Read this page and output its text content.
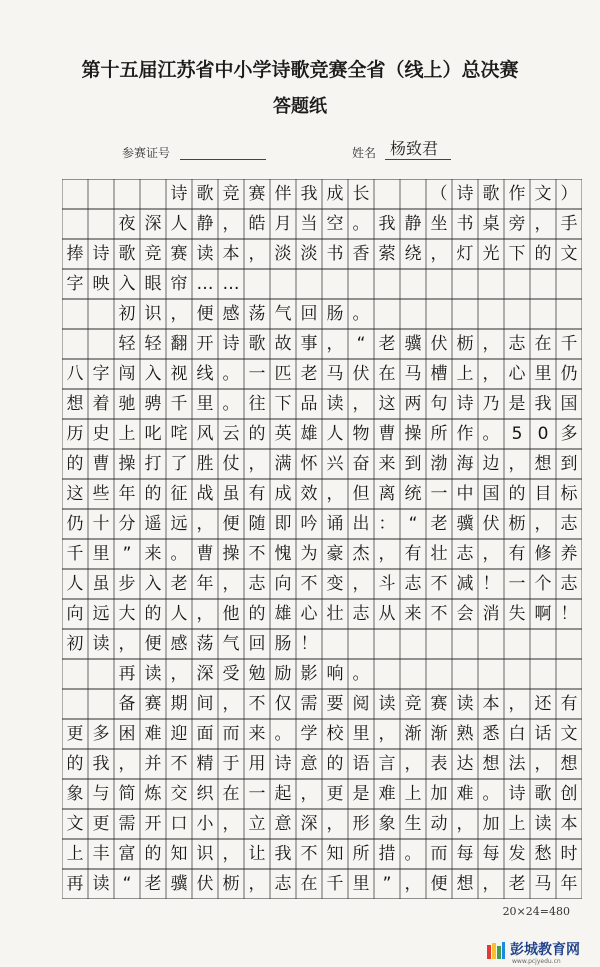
第十五届江苏省中小学诗歌竞赛全省（线上）总决赛
答题纸
参赛证号	姓名 杨致君
诗 歌 竞 赛 伴 我 成 长	（ 诗 歌 作 文 ）
夜 深 人 静 ， 皓 月 当 空 。 我 静 坐 书 桌 旁 ， 手
捧 诗 歌 竞 赛 读 本 ， 淡 淡 书 香 萦 绕 ， 灯 光 下 的 文
字 映 入 眼 帘 … …
初 识 ， 便 感 荡 气 回 肠 。
轻 轻 翻 开 诗 歌 故 事 ， “ 老 骥 伏 枥 ， 志 在 千
八 字 闯 入 视 线 。 一 匹 老 马 伏 在 马 槽 上 ， 心 里 仍
想 着 驰 骋 千 里 。 往 下 品 读 ， 这 两 句 诗 乃 是 我 国
历 史 上 叱 咤 风 云 的 英 雄 人 物 曹 操 所 作 。 5 0 多
的 曹 操 打 了 胜 仗 ， 满 怀 兴 奋 来 到 渤 海 边 ， 想 到
这 些 年 的 征 战 虽 有 成 效 ， 但 离 统 一 中 国 的 目 标
仍 十 分 遥 远 ， 便 随 即 吟 诵 出 ： “ 老 骥 伏 枥 ， 志
千 里 ” 来 。 曹 操 不 愧 为 豪 杰 ， 有 壮 志 ， 有 修 养
人 虽 步 入 老 年 ， 志 向 不 变 ， 斗 志 不 减 ！ 一 个 志
向 远 大 的 人 ， 他 的 雄 心 壮 志 从 来 不 会 消 失 啊 ！
初 读 ， 便 感 荡 气 回 肠 ！
再 读 ， 深 受 勉 励 影 响 。
备 赛 期 间 ， 不 仅 需 要 阅 读 竞 赛 读 本 ， 还 有
更 多 困 难 迎 面 而 来 。 学 校 里 ， 渐 渐 熟 悉 白 话 文
的 我 ， 并 不 精 于 用 诗 意 的 语 言 ， 表 达 想 法 ， 想
象 与 简 炼 交 织 在 一 起 ， 更 是 难 上 加 难 。 诗 歌 创
文 更 需 开 口 小 ， 立 意 深 ， 形 象 生 动 ， 加 上 读 本
上 丰 富 的 知 识 ， 让 我 不 知 所 措 。 而 每 每 发 愁 时
再 读 “ 老 骥 伏 枥 ， 志 在 千 里 ” ， 便 想 ， 老 马 年
20×24=480
彭城教育网
www.pcjyedu.cn
